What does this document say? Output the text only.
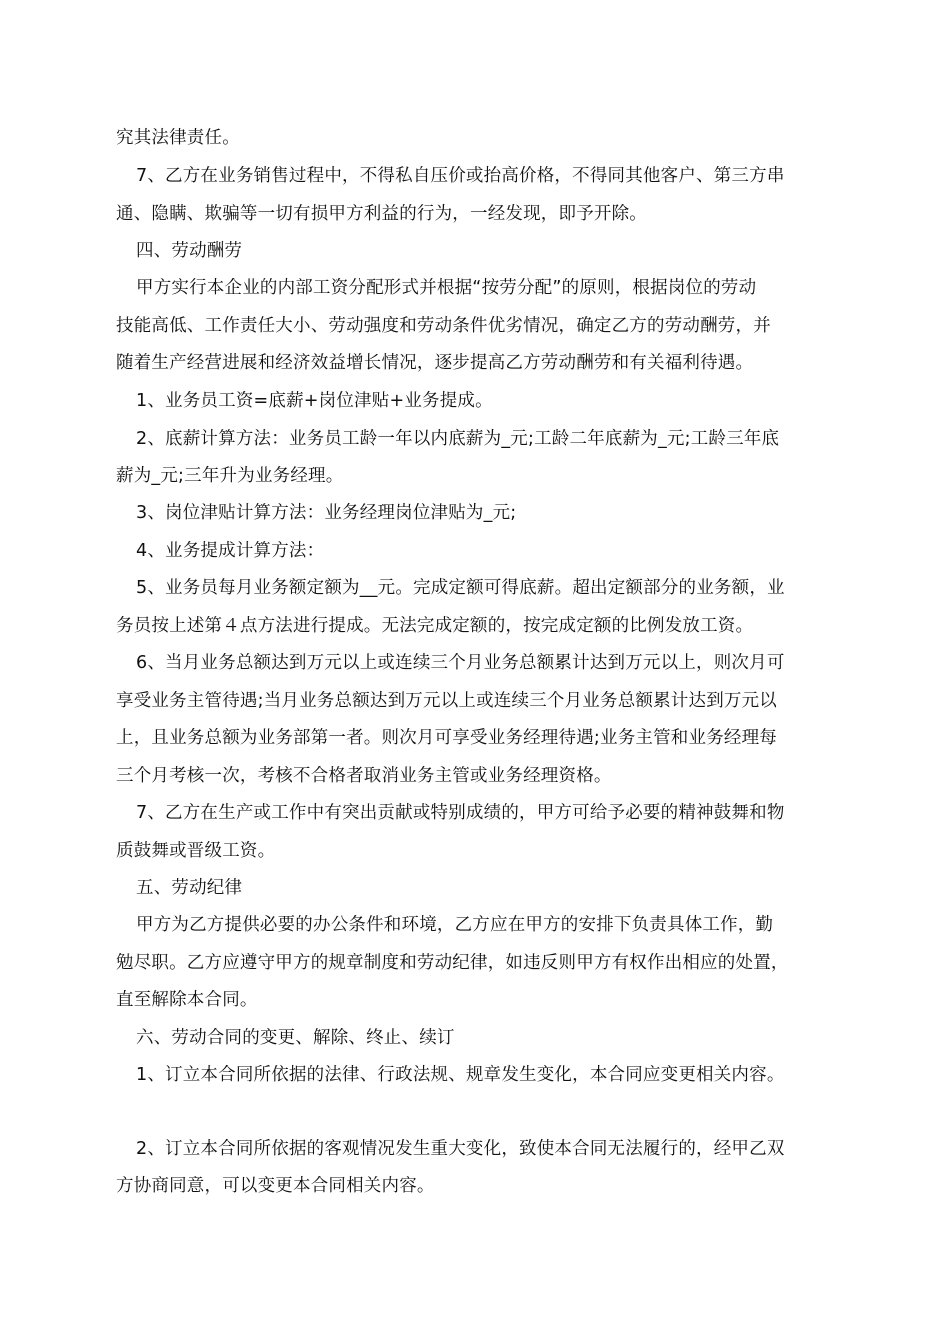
究其法律责任。
7、乙方在业务销售过程中，不得私自压价或抬高价格，不得同其他客户、第三方串
通、隐瞒、欺骗等一切有损甲方利益的行为，一经发现，即予开除。
四、劳动酬劳
甲方实行本企业的内部工资分配形式并根据“按劳分配”的原则，根据岗位的劳动
技能高低、工作责任大小、劳动强度和劳动条件优劣情况，确定乙方的劳动酬劳，并
随着生产经营进展和经济效益增长情况，逐步提高乙方劳动酬劳和有关福利待遇。
1、业务员工资=底薪+岗位津贴+业务提成。
2、底薪计算方法：业务员工龄一年以内底薪为_元;工龄二年底薪为_元;工龄三年底
薪为_元;三年升为业务经理。
3、岗位津贴计算方法：业务经理岗位津贴为_元;
4、业务提成计算方法：
5、业务员每月业务额定额为__元。完成定额可得底薪。超出定额部分的业务额，业
务员按上述第４点方法进行提成。无法完成定额的，按完成定额的比例发放工资。
6、当月业务总额达到万元以上或连续三个月业务总额累计达到万元以上，则次月可
享受业务主管待遇;当月业务总额达到万元以上或连续三个月业务总额累计达到万元以
上，且业务总额为业务部第一者。则次月可享受业务经理待遇;业务主管和业务经理每
三个月考核一次，考核不合格者取消业务主管或业务经理资格。
7、乙方在生产或工作中有突出贡献或特别成绩的，甲方可给予必要的精神鼓舞和物
质鼓舞或晋级工资。
五、劳动纪律
甲方为乙方提供必要的办公条件和环境，乙方应在甲方的安排下负责具体工作，勤
勉尽职。乙方应遵守甲方的规章制度和劳动纪律，如违反则甲方有权作出相应的处置，
直至解除本合同。
六、劳动合同的变更、解除、终止、续订
1、订立本合同所依据的法律、行政法规、规章发生变化，本合同应变更相关内容。
2、订立本合同所依据的客观情况发生重大变化，致使本合同无法履行的，经甲乙双
方协商同意，可以变更本合同相关内容。
